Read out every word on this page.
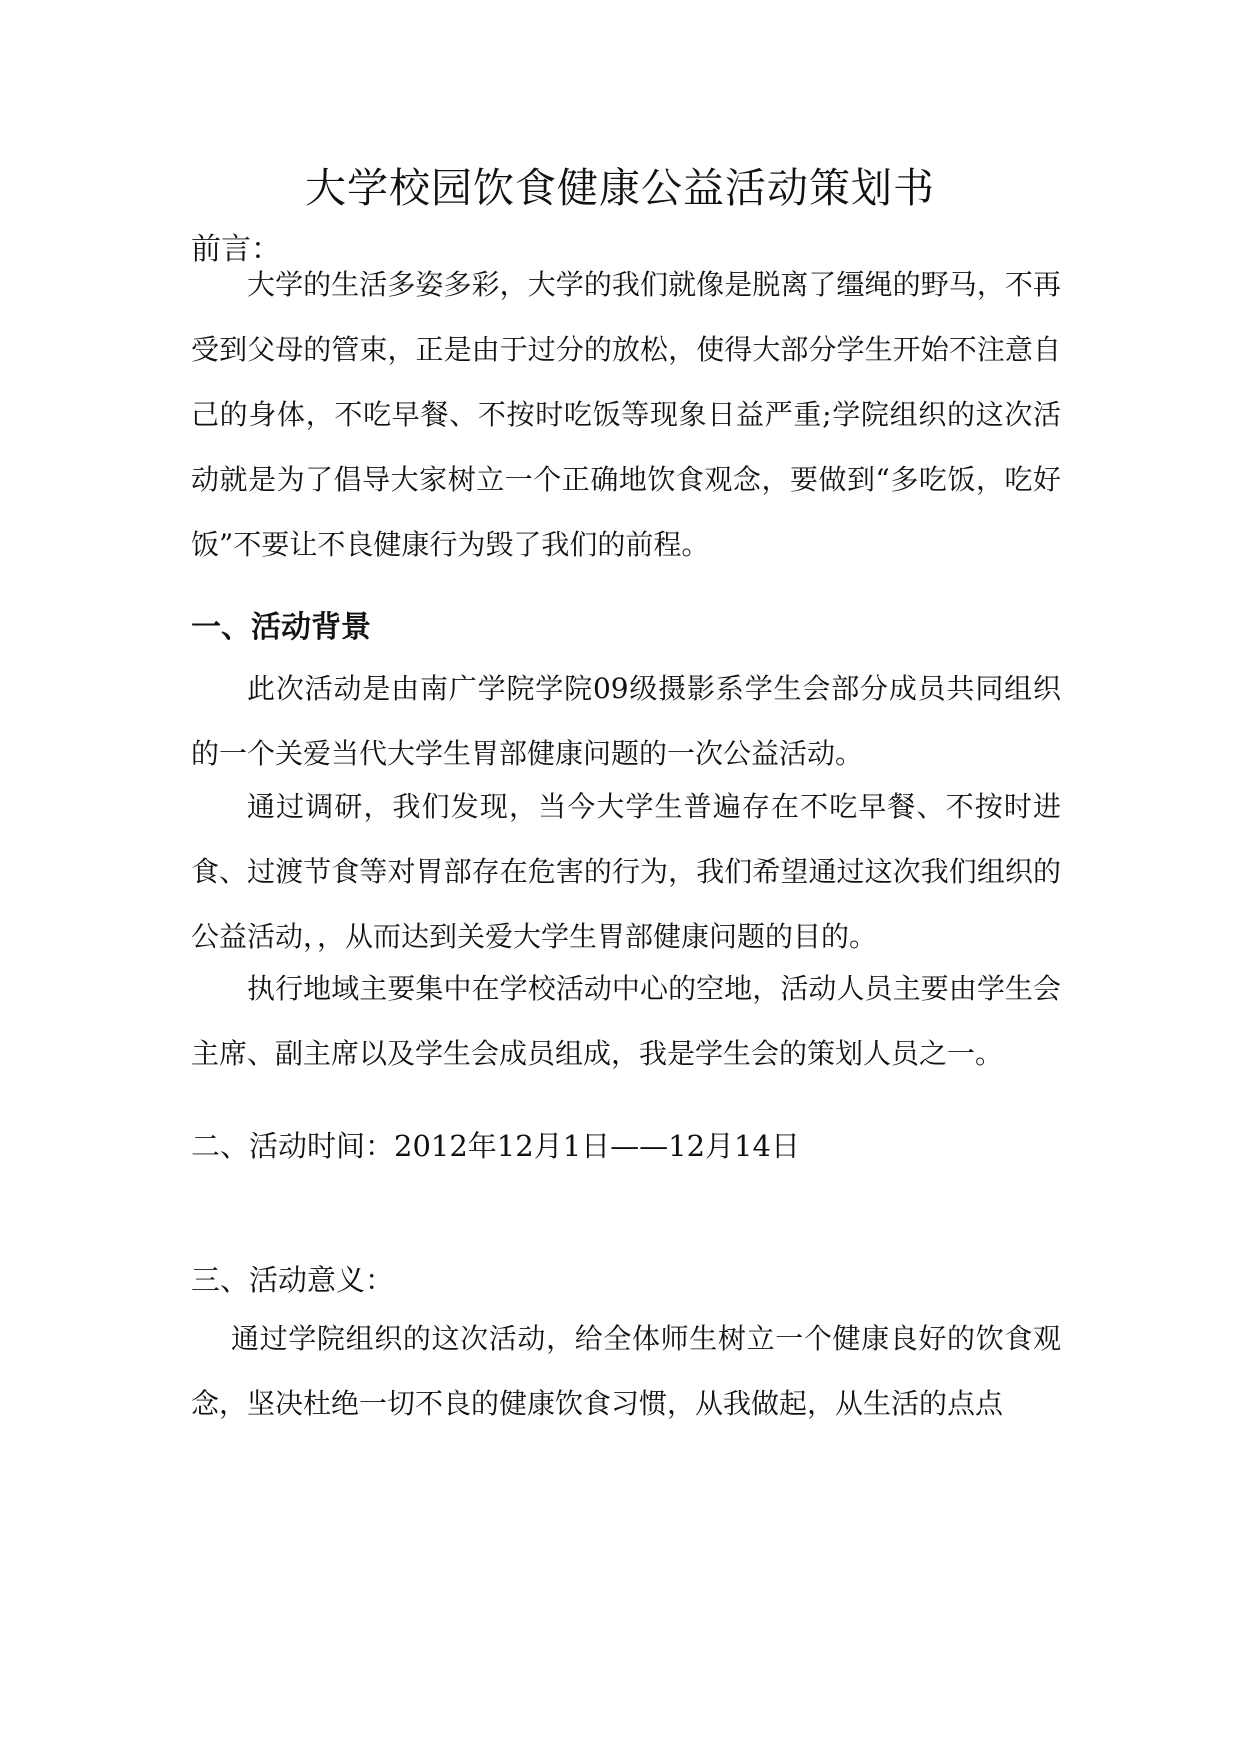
大学校园饮食健康公益活动策划书
前言：

大学的生活多姿多彩，大学的我们就像是脱离了缰绳的野马，不再受到父母的管束，正是由于过分的放松，使得大部分学生开始不注意自己的身体，不吃早餐、不按时吃饭等现象日益严重;学院组织的这次活动就是为了倡导大家树立一个正确地饮食观念，要做到“多吃饭，吃好饭”不要让不良健康行为毁了我们的前程。

一、活动背景

此次活动是由南广学院学院09级摄影系学生会部分成员共同组织的一个关爱当代大学生胃部健康问题的一次公益活动。

通过调研，我们发现，当今大学生普遍存在不吃早餐、不按时进食、过渡节食等对胃部存在危害的行为，我们希望通过这次我们组织的公益活动，，从而达到关爱大学生胃部健康问题的目的。

执行地域主要集中在学校活动中心的空地，活动人员主要由学生会主席、副主席以及学生会成员组成，我是学生会的策划人员之一。

二、活动时间：2012年12月1日——12月14日
三、活动意义：

通过学院组织的这次活动，给全体师生树立一个健康良好的饮食观念，坚决杜绝一切不良的健康饮食习惯，从我做起，从生活的点点
